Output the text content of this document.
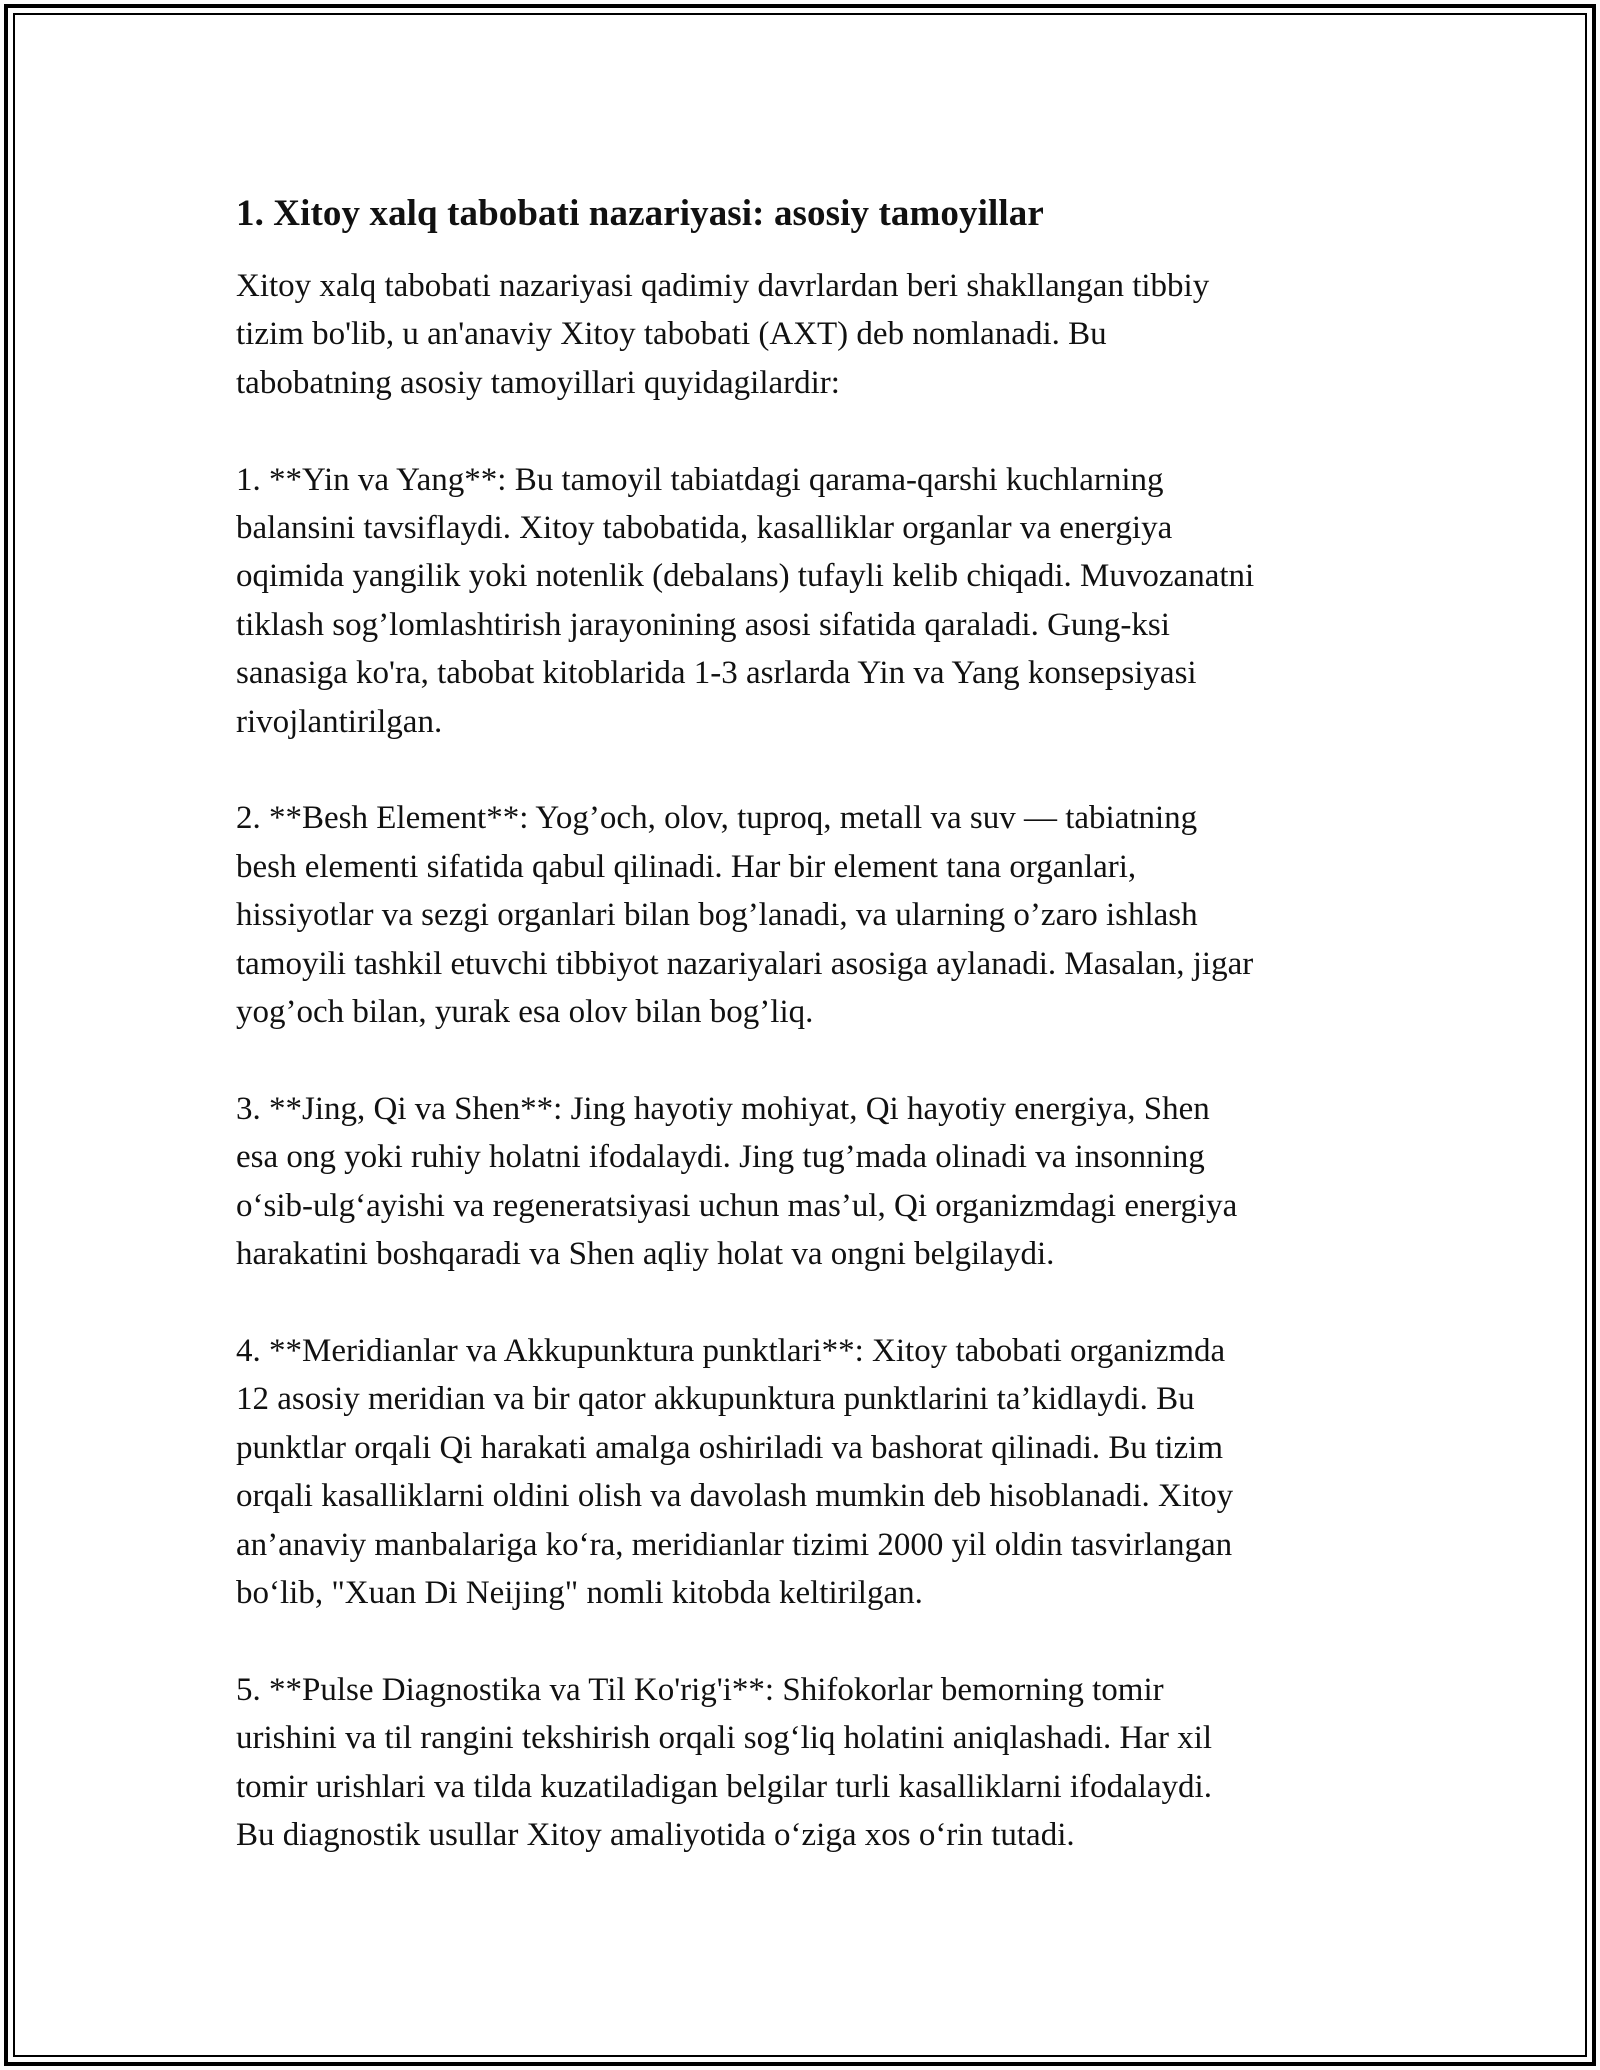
1. Xitoy xalq tabobati nazariyasi: asosiy tamoyillar

Xitoy xalq tabobati nazariyasi qadimiy davrlardan beri shakllangan tibbiy
tizim bo'lib, u an'anaviy Xitoy tabobati (AXT) deb nomlanadi. Bu
tabobatning asosiy tamoyillari quyidagilardir:

1. **Yin va Yang**: Bu tamoyil tabiatdagi qarama-qarshi kuchlarning
balansini tavsiflaydi. Xitoy tabobatida, kasalliklar organlar va energiya
oqimida yangilik yoki notenlik (debalans) tufayli kelib chiqadi. Muvozanatni
tiklash sog’lomlashtirish jarayonining asosi sifatida qaraladi. Gung-ksi
sanasiga ko'ra, tabobat kitoblarida 1-3 asrlarda Yin va Yang konsepsiyasi
rivojlantirilgan.

2. **Besh Element**: Yog’och, olov, tuproq, metall va suv — tabiatning
besh elementi sifatida qabul qilinadi. Har bir element tana organlari,
hissiyotlar va sezgi organlari bilan bog’lanadi, va ularning o’zaro ishlash
tamoyili tashkil etuvchi tibbiyot nazariyalari asosiga aylanadi. Masalan, jigar
yog’och bilan, yurak esa olov bilan bog’liq.

3. **Jing, Qi va Shen**: Jing hayotiy mohiyat, Qi hayotiy energiya, Shen
esa ong yoki ruhiy holatni ifodalaydi. Jing tug’mada olinadi va insonning
o‘sib-ulg‘ayishi va regeneratsiyasi uchun mas’ul, Qi organizmdagi energiya
harakatini boshqaradi va Shen aqliy holat va ongni belgilaydi.

4. **Meridianlar va Akkupunktura punktlari**: Xitoy tabobati organizmda
12 asosiy meridian va bir qator akkupunktura punktlarini ta’kidlaydi. Bu
punktlar orqali Qi harakati amalga oshiriladi va bashorat qilinadi. Bu tizim
orqali kasalliklarni oldini olish va davolash mumkin deb hisoblanadi. Xitoy
an’anaviy manbalariga ko‘ra, meridianlar tizimi 2000 yil oldin tasvirlangan
bo‘lib, "Xuan Di Neijing" nomli kitobda keltirilgan.

5. **Pulse Diagnostika va Til Ko'rig'i**: Shifokorlar bemorning tomir
urishini va til rangini tekshirish orqali sog‘liq holatini aniqlashadi. Har xil
tomir urishlari va tilda kuzatiladigan belgilar turli kasalliklarni ifodalaydi.
Bu diagnostik usullar Xitoy amaliyotida o‘ziga xos o‘rin tutadi.
